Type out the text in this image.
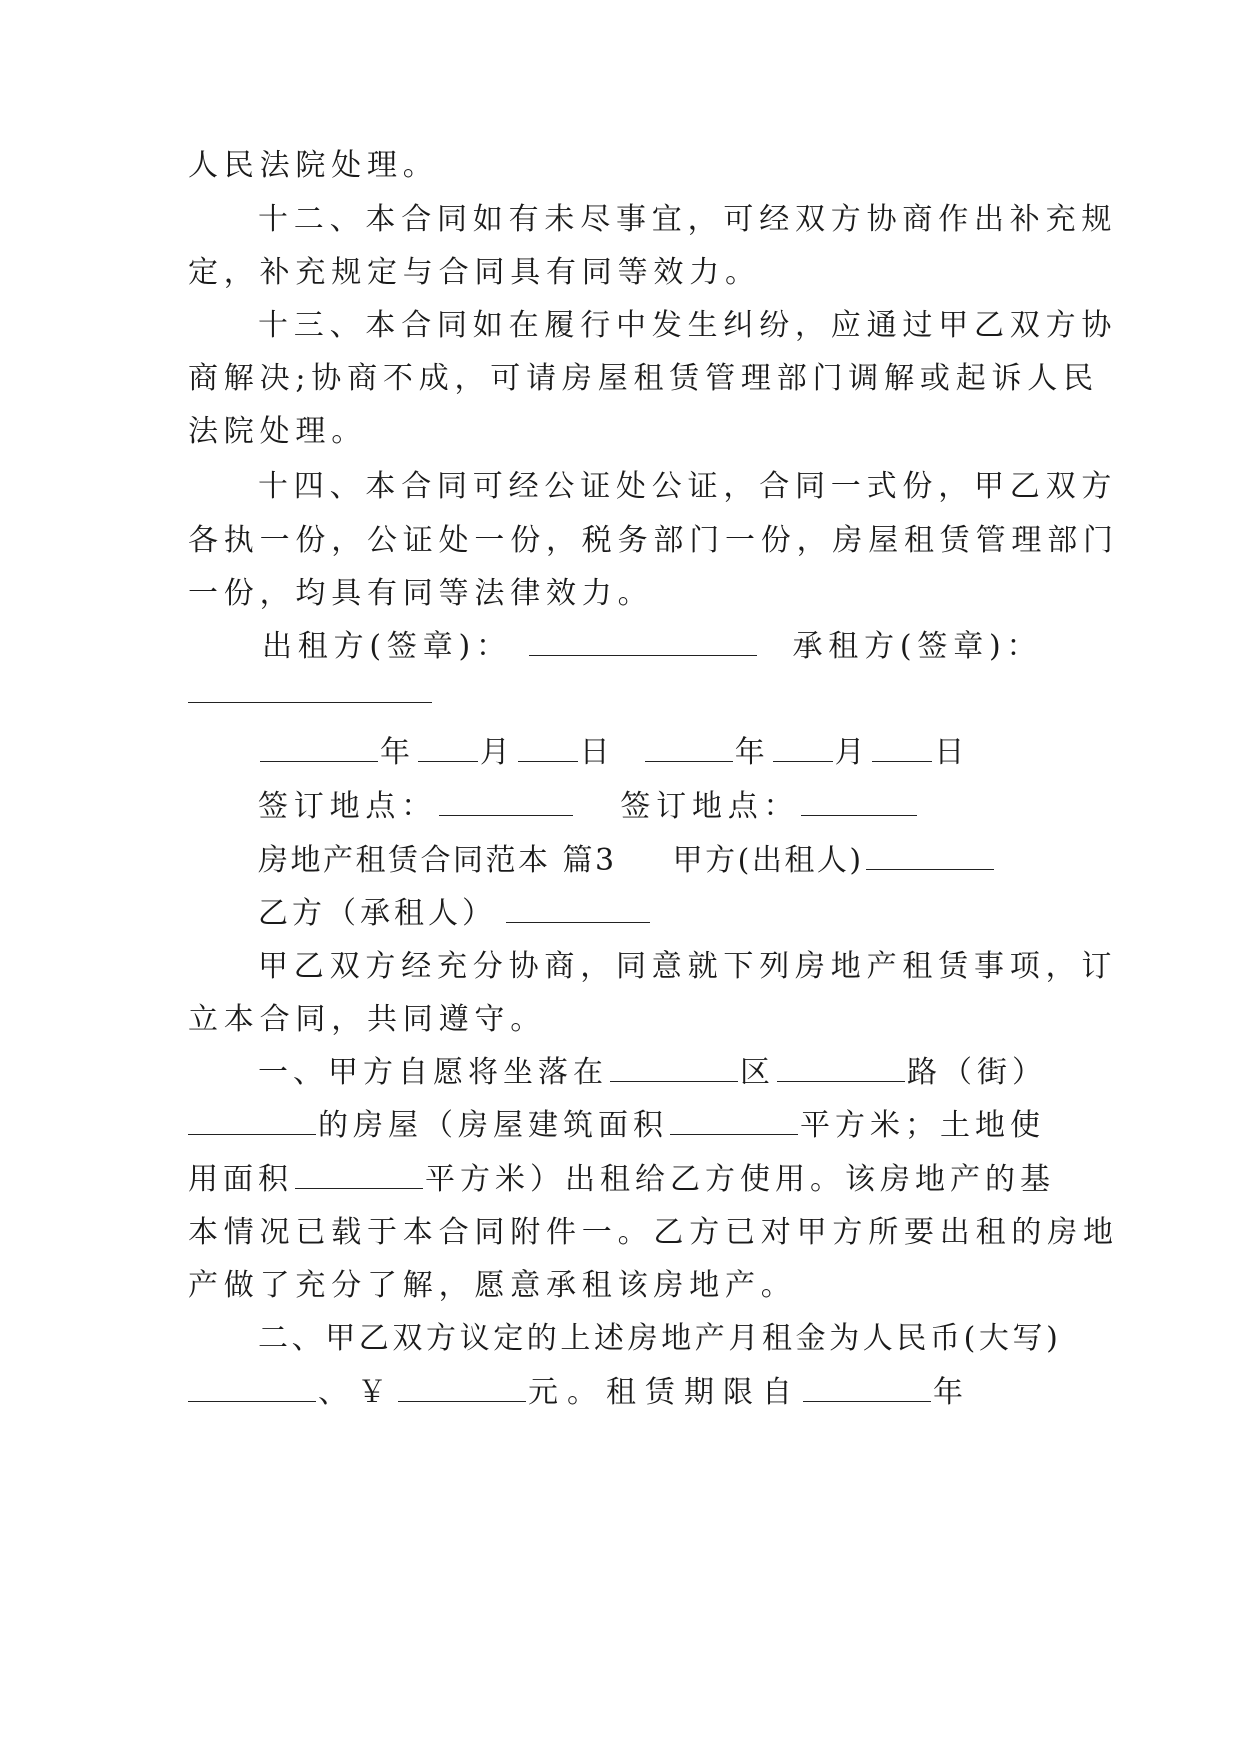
人民法院处理。
十二、本合同如有未尽事宜，可经双方协商作出补充规
定，补充规定与合同具有同等效力。
十三、本合同如在履行中发生纠纷，应通过甲乙双方协
商解决;协商不成，可请房屋租赁管理部门调解或起诉人民
法院处理。
十四、本合同可经公证处公证，合同一式份，甲乙双方
各执一份，公证处一份，税务部门一份，房屋租赁管理部门
一份，均具有同等法律效力。
出租方(签章)：	承租方(签章)：
年 月 日	年 月 日
签订地点：	签订地点：
房地产租赁合同范本 篇3 甲方(出租人)
乙方（承租人）
甲乙双方经充分协商，同意就下列房地产租赁事项，订
立本合同，共同遵守。
一、甲方自愿将坐落在	区	路（街）
的房屋（房屋建筑面积	平方米；土地使
用面积	平方米）出租给乙方使用。该房地产的基
本情况已载于本合同附件一。乙方已对甲方所要出租的房地
产做了充分了解，愿意承租该房地产。
二、甲乙双方议定的上述房地产月租金为人民币(大写)
、￥	元。租赁期限自	年
